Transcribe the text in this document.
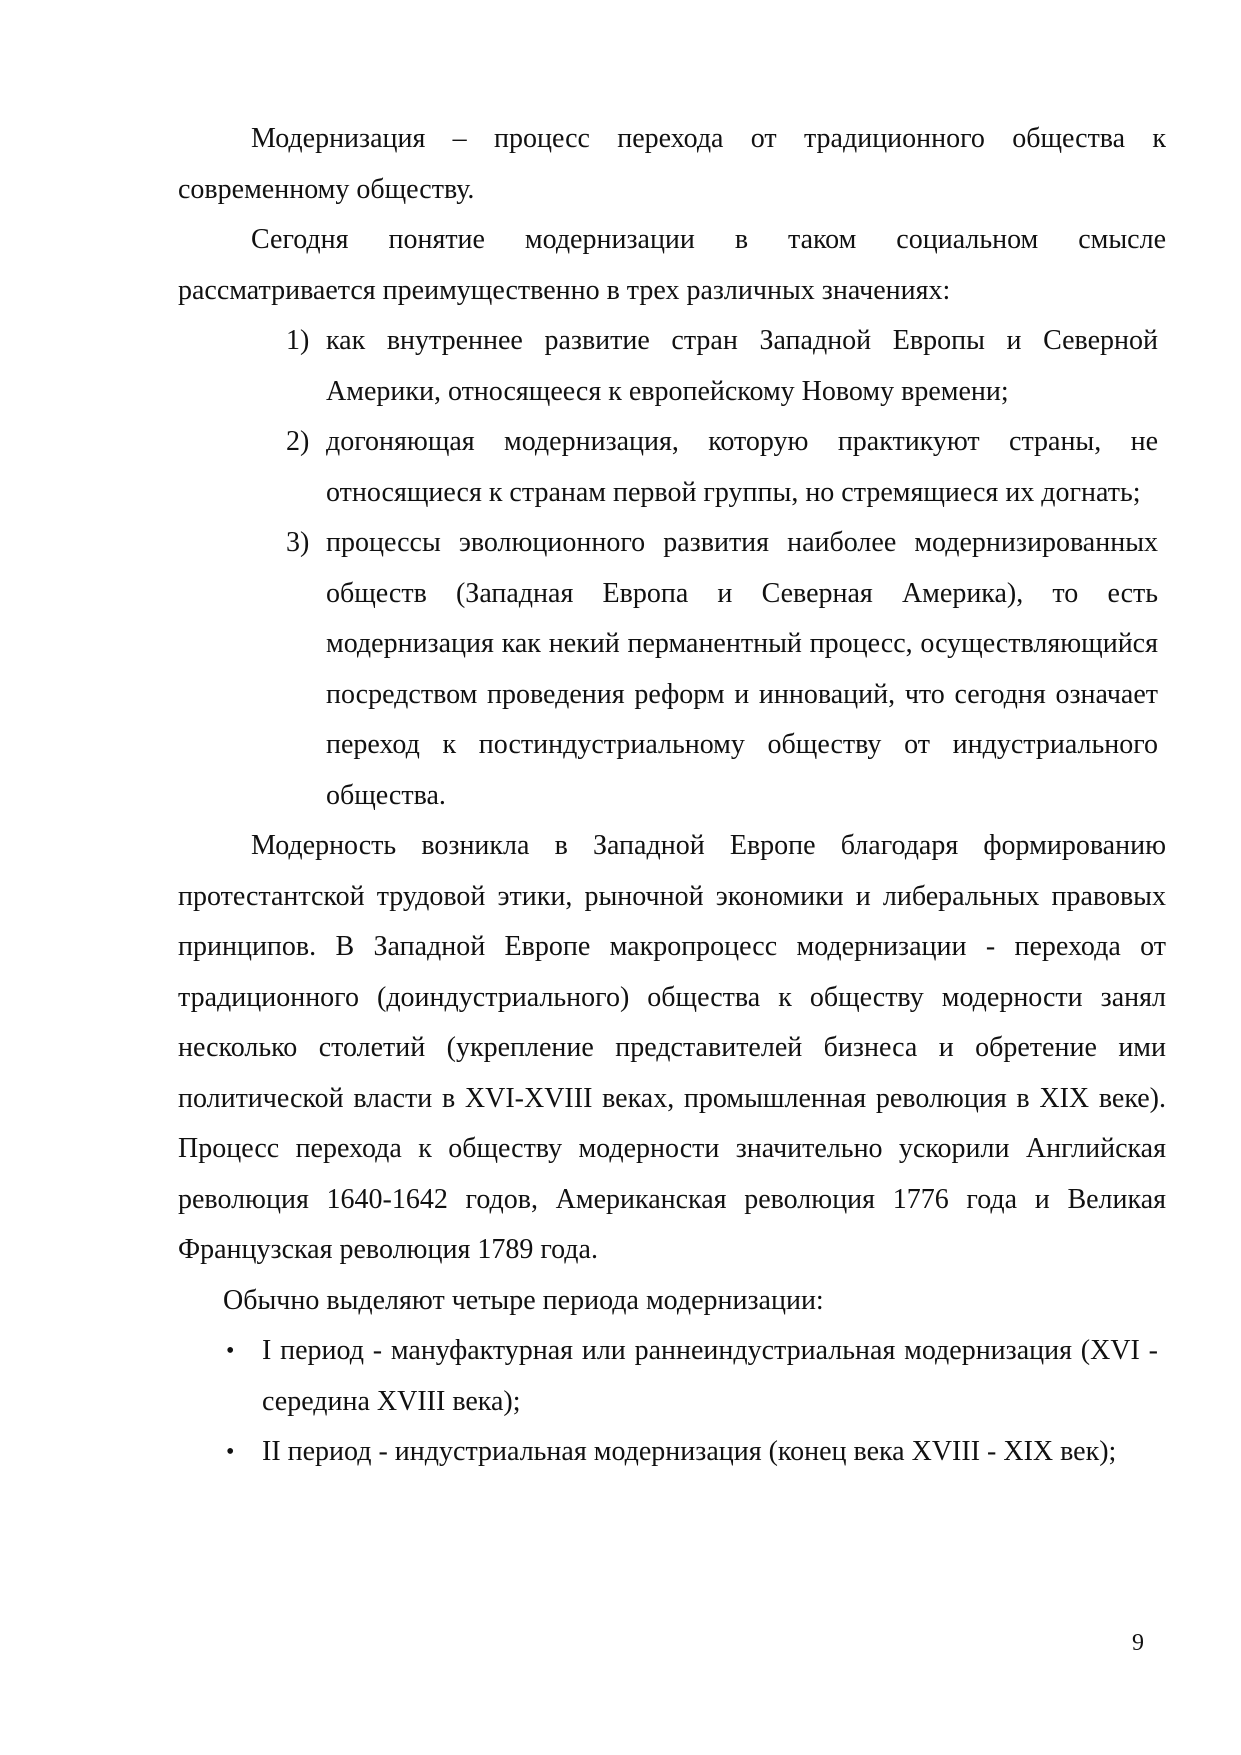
Модернизация – процесс перехода от традиционного общества к современному обществу.

Сегодня понятие модернизации в таком социальном смысле рассматривается преимущественно в трех различных значениях:

1) как внутреннее развитие стран Западной Европы и Северной Америки, относящееся к европейскому Новому времени;
2) догоняющая модернизация, которую практикуют страны, не относящиеся к странам первой группы, но стремящиеся их догнать;
3) процессы эволюционного развития наиболее модернизированных обществ (Западная Европа и Северная Америка), то есть модернизация как некий перманентный процесс, осуществляющийся посредством проведения реформ и инноваций, что сегодня означает переход к постиндустриальному обществу от индустриального общества.

Модерность возникла в Западной Европе благодаря формированию протестантской трудовой этики, рыночной экономики и либеральных правовых принципов. В Западной Европе макропроцесс модернизации - перехода от традиционного (доиндустриального) общества к обществу модерности занял несколько столетий (укрепление представителей бизнеса и обретение ими политической власти в XVI-XVIII веках, промышленная революция в XIX веке). Процесс перехода к обществу модерности значительно ускорили Английская революция 1640-1642 годов, Американская революция 1776 года и Великая Французская революция 1789 года.

Обычно выделяют четыре периода модернизации:

• I период - мануфактурная или раннеиндустриальная модернизация (XVI - середина XVIII века);
• II период - индустриальная модернизация (конец века XVIII - XIX век);
9
